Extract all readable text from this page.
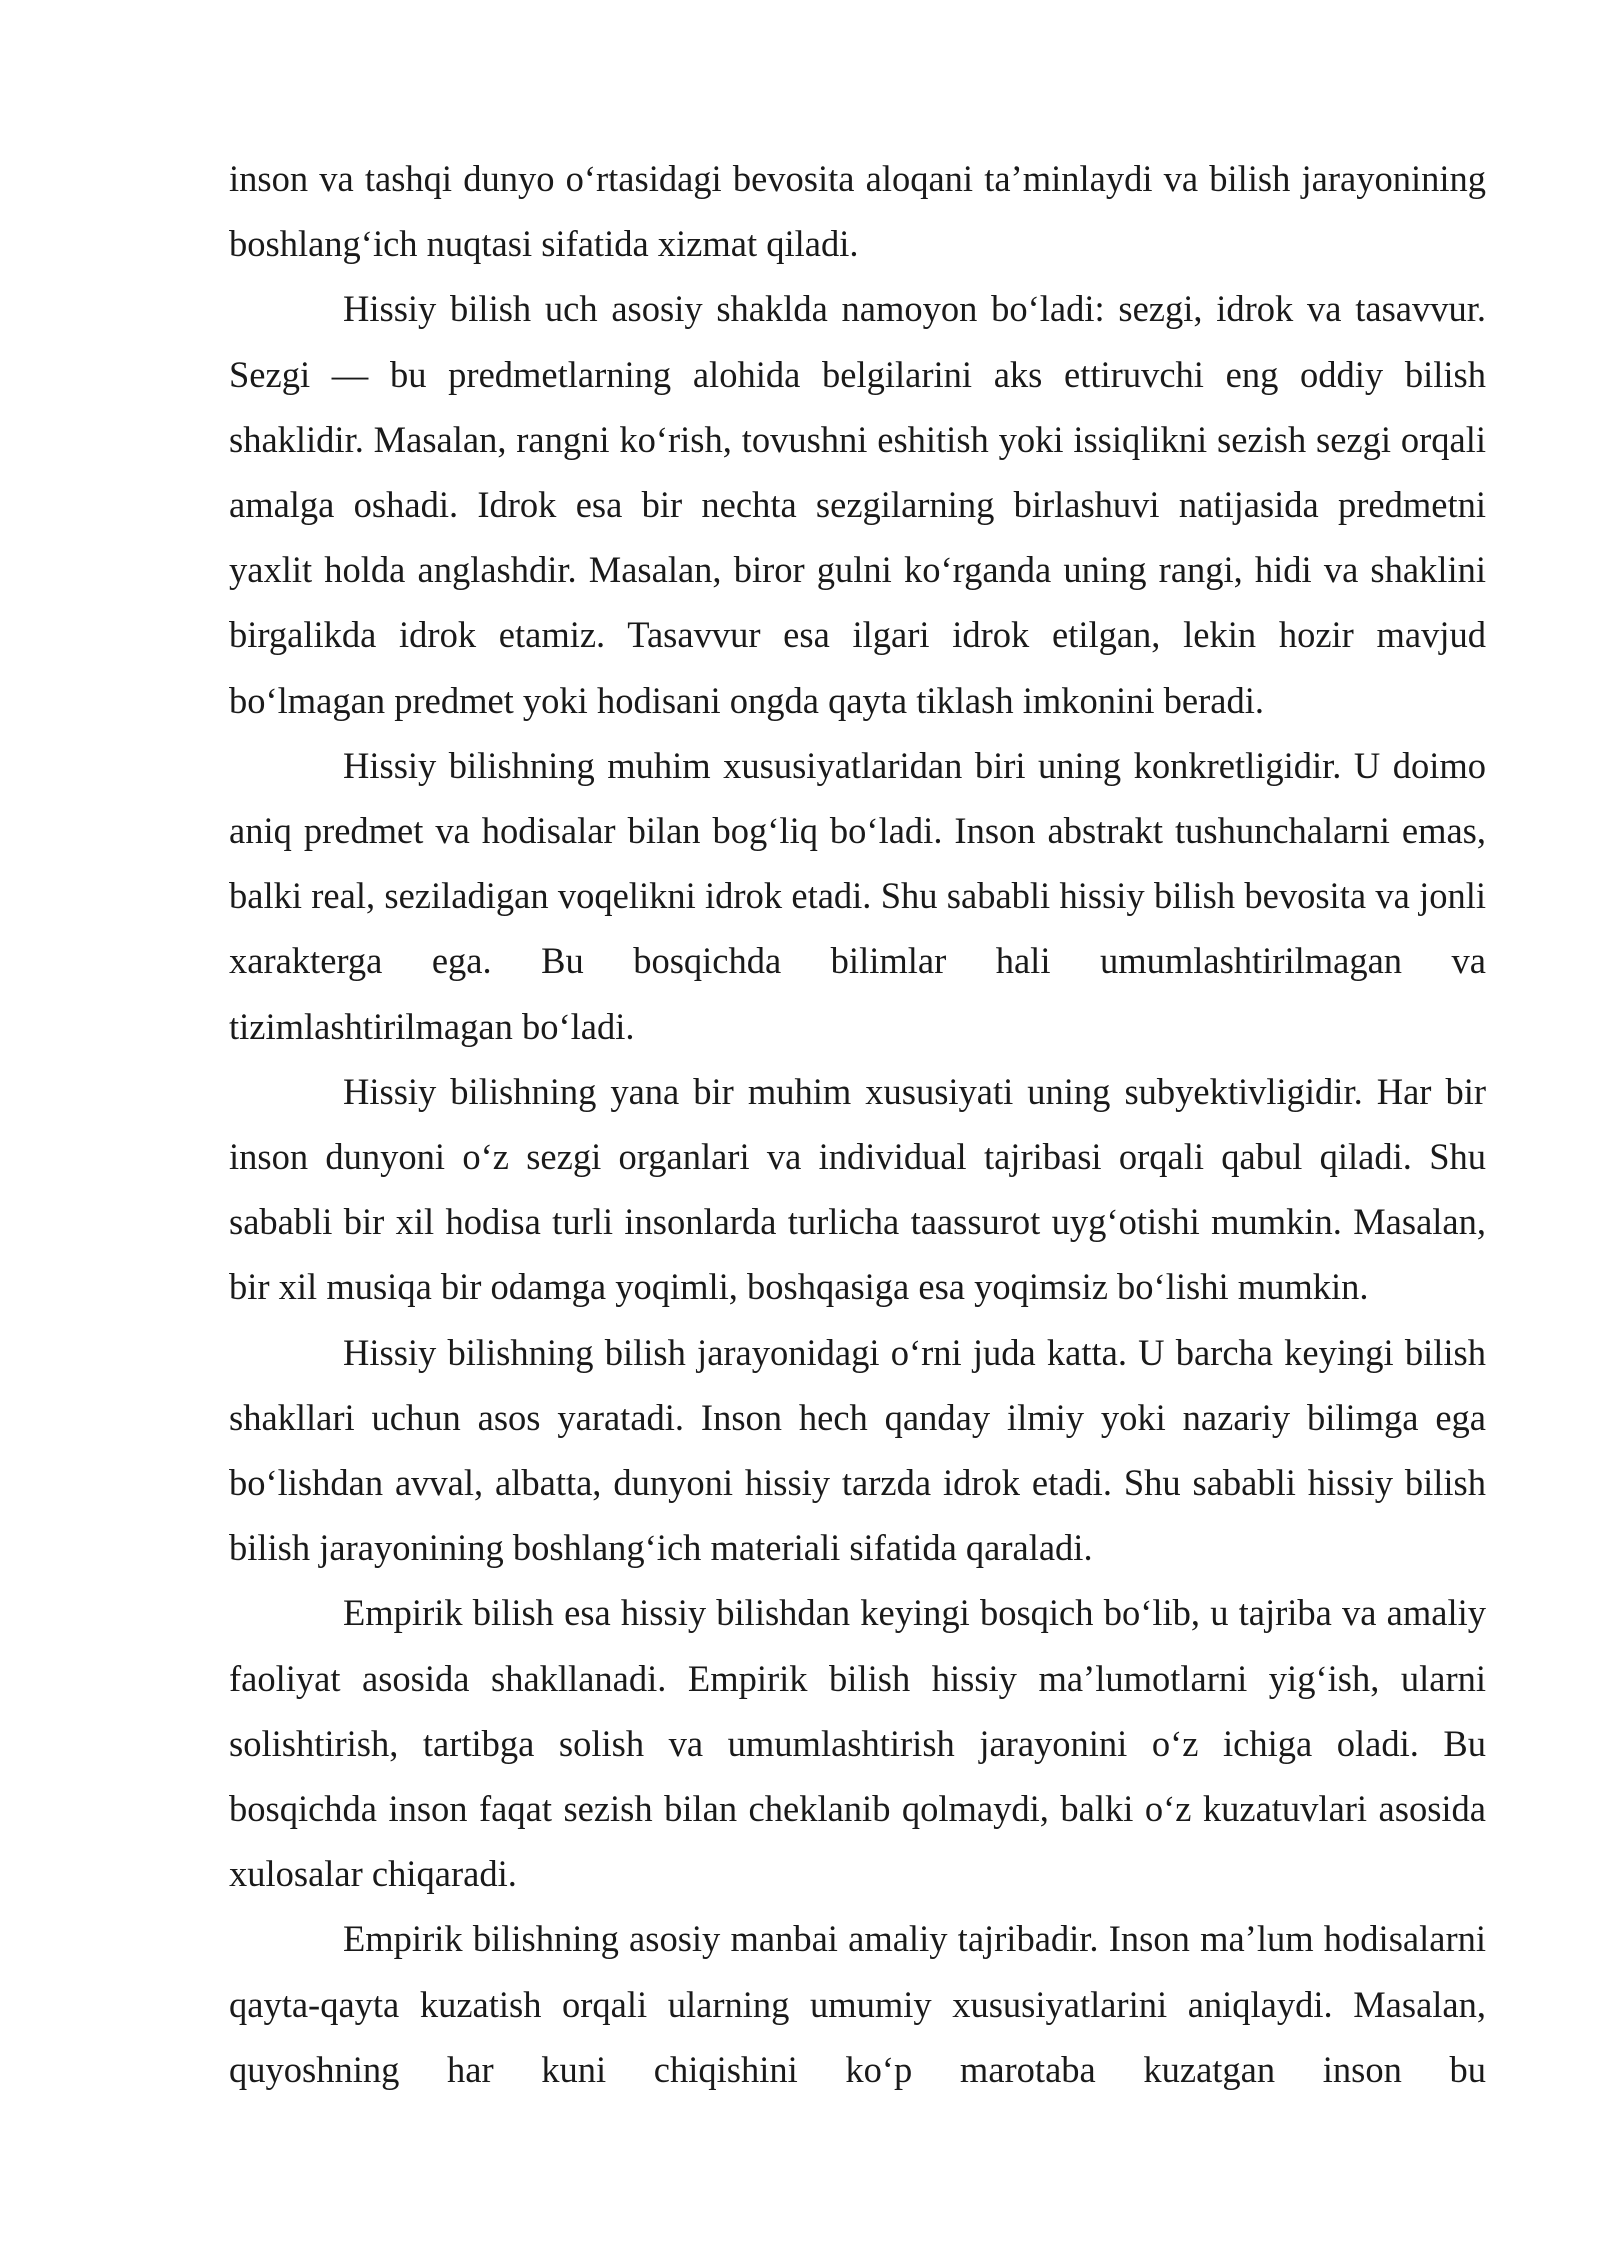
inson va tashqi dunyo o‘rtasidagi bevosita aloqani ta’minlaydi va bilish jarayonining boshlang‘ich nuqtasi sifatida xizmat qiladi.

Hissiy bilish uch asosiy shaklda namoyon bo‘ladi: sezgi, idrok va tasavvur. Sezgi — bu predmetlarning alohida belgilarini aks ettiruvchi eng oddiy bilish shaklidir. Masalan, rangni ko‘rish, tovushni eshitish yoki issiqlikni sezish sezgi orqali amalga oshadi. Idrok esa bir nechta sezgilarning birlashuvi natijasida predmetni yaxlit holda anglashdir. Masalan, biror gulni ko‘rganda uning rangi, hidi va shaklini birgalikda idrok etamiz. Tasavvur esa ilgari idrok etilgan, lekin hozir mavjud bo‘lmagan predmet yoki hodisani ongda qayta tiklash imkonini beradi.

Hissiy bilishning muhim xususiyatlaridan biri uning konkretligidir. U doimo aniq predmet va hodisalar bilan bog‘liq bo‘ladi. Inson abstrakt tushunchalarni emas, balki real, seziladigan voqelikni idrok etadi. Shu sababli hissiy bilish bevosita va jonli xarakterga ega. Bu bosqichda bilimlar hali umumlashtirilmagan va tizimlashtirilmagan bo‘ladi.

Hissiy bilishning yana bir muhim xususiyati uning subyektivligidir. Har bir inson dunyoni o‘z sezgi organlari va individual tajribasi orqali qabul qiladi. Shu sababli bir xil hodisa turli insonlarda turlicha taassurot uyg‘otishi mumkin. Masalan, bir xil musiqa bir odamga yoqimli, boshqasiga esa yoqimsiz bo‘lishi mumkin.

Hissiy bilishning bilish jarayonidagi o‘rni juda katta. U barcha keyingi bilish shakllari uchun asos yaratadi. Inson hech qanday ilmiy yoki nazariy bilimga ega bo‘lishdan avval, albatta, dunyoni hissiy tarzda idrok etadi. Shu sababli hissiy bilish bilish jarayonining boshlang‘ich materiali sifatida qaraladi.

Empirik bilish esa hissiy bilishdan keyingi bosqich bo‘lib, u tajriba va amaliy faoliyat asosida shakllanadi. Empirik bilish hissiy ma’lumotlarni yig‘ish, ularni solishtirish, tartibga solish va umumlashtirish jarayonini o‘z ichiga oladi. Bu bosqichda inson faqat sezish bilan cheklanib qolmaydi, balki o‘z kuzatuvlari asosida xulosalar chiqaradi.

Empirik bilishning asosiy manbai amaliy tajribadir. Inson ma’lum hodisalarni qayta-qayta kuzatish orqali ularning umumiy xususiyatlarini aniqlaydi. Masalan, quyoshning har kuni chiqishini ko‘p marotaba kuzatgan inson bu
